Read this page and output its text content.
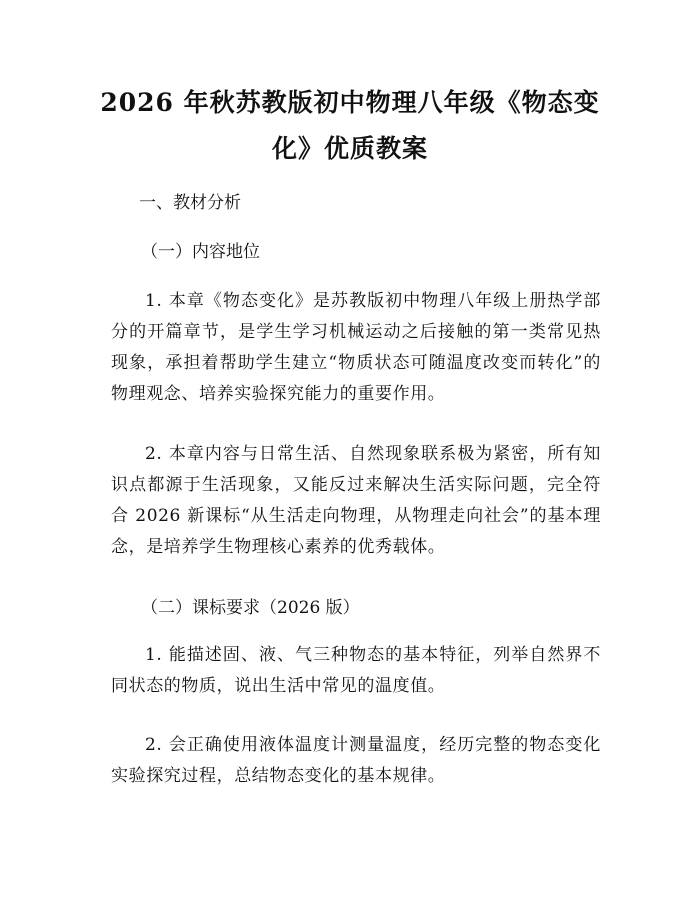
2026 年秋苏教版初中物理八年级《物态变
化》优质教案
一、教材分析
（一）内容地位
1. 本章《物态变化》是苏教版初中物理八年级上册热学部分的开篇章节，是学生学习机械运动之后接触的第一类常见热现象，承担着帮助学生建立“物质状态可随温度改变而转化”的物理观念、培养实验探究能力的重要作用。
2. 本章内容与日常生活、自然现象联系极为紧密，所有知识点都源于生活现象，又能反过来解决生活实际问题，完全符合 2026 新课标“从生活走向物理，从物理走向社会”的基本理念，是培养学生物理核心素养的优秀载体。
（二）课标要求（2026 版）
1. 能描述固、液、气三种物态的基本特征，列举自然界不同状态的物质，说出生活中常见的温度值。
2. 会正确使用液体温度计测量温度，经历完整的物态变化实验探究过程，总结物态变化的基本规律。
